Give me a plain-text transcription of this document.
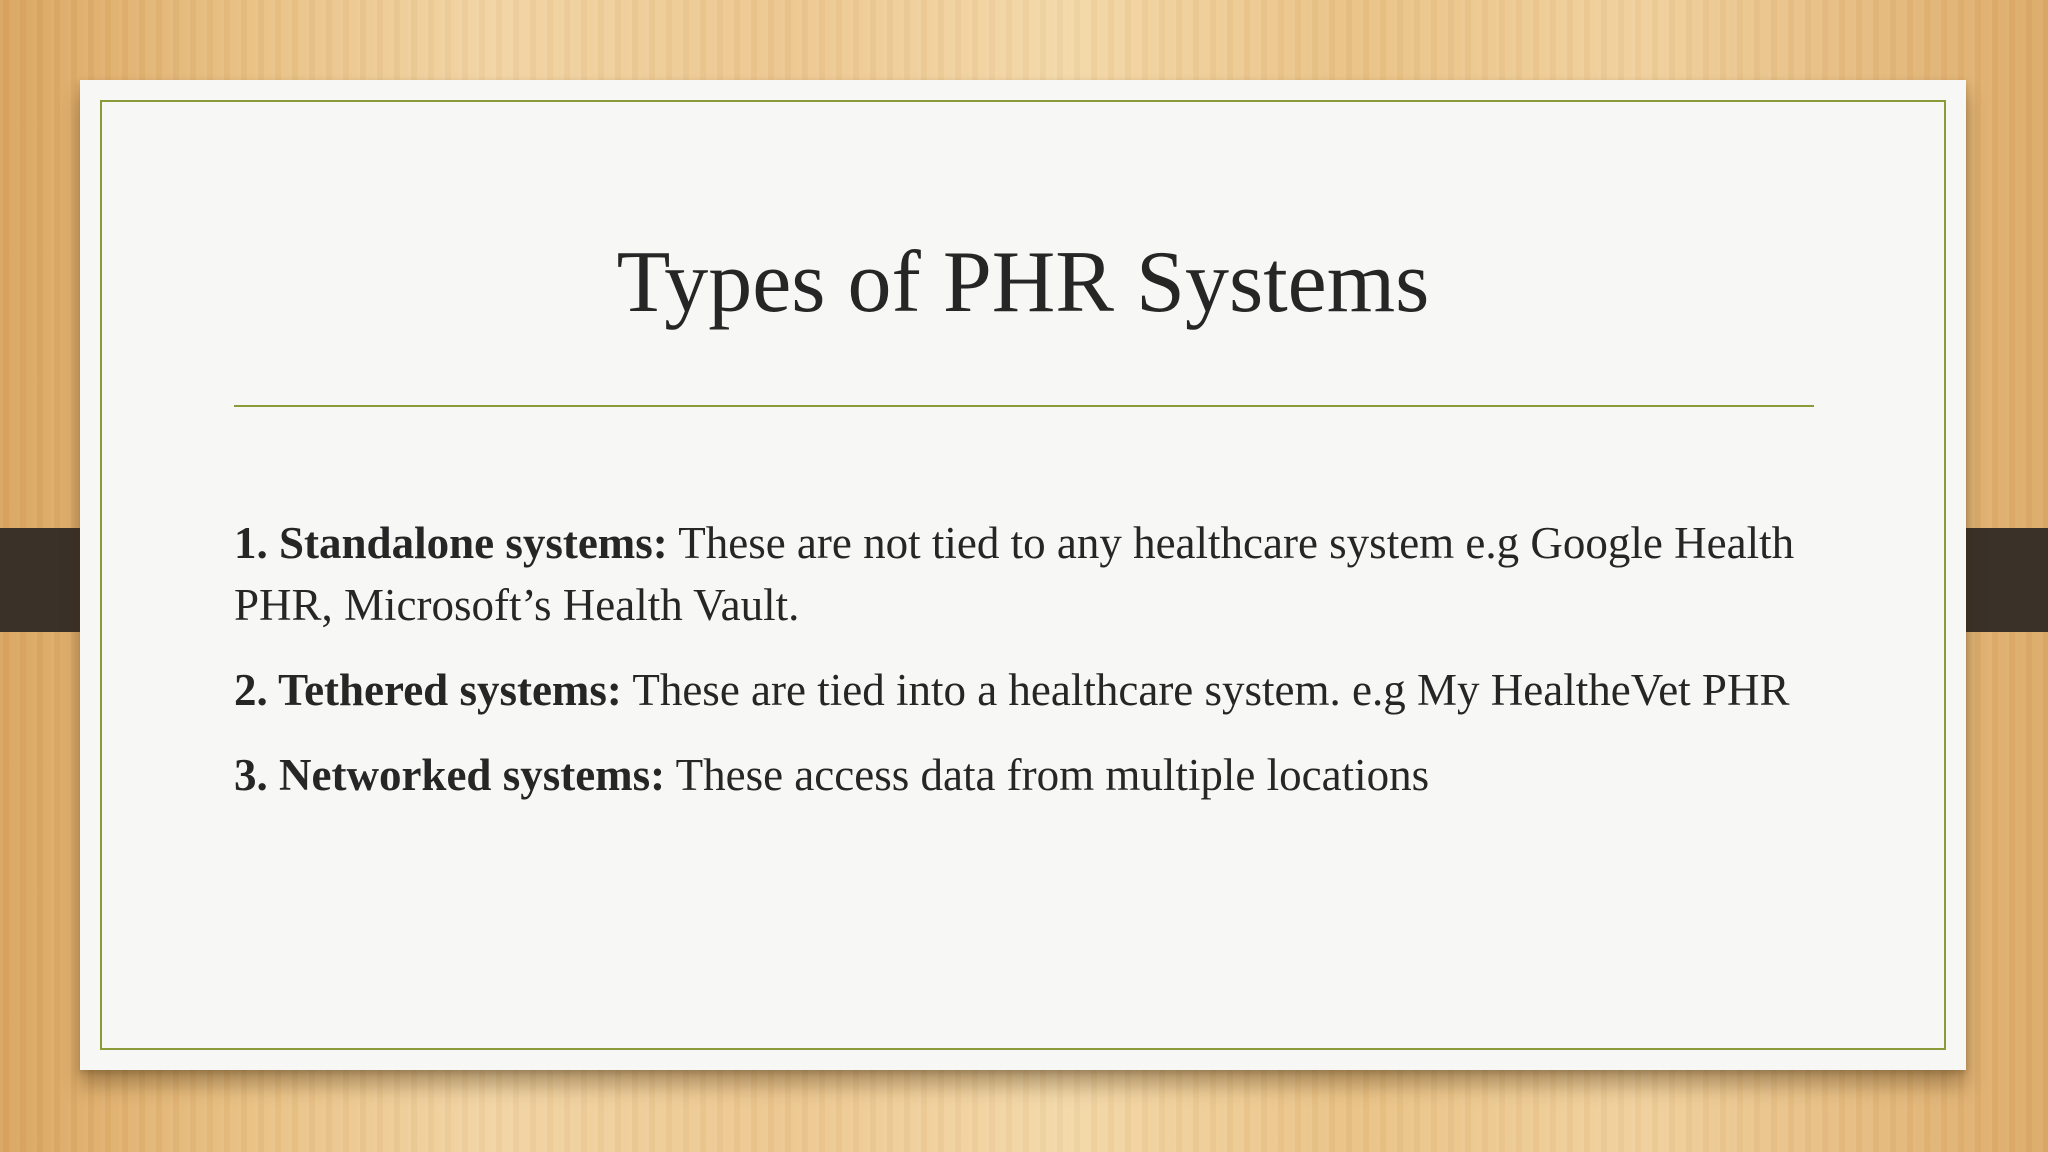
Types of PHR Systems

1. Standalone systems: These are not tied to any healthcare system e.g Google Health PHR, Microsoft’s Health Vault.

2. Tethered systems: These are tied into a healthcare system. e.g My HealtheVet PHR

3. Networked systems: These access data from multiple locations
